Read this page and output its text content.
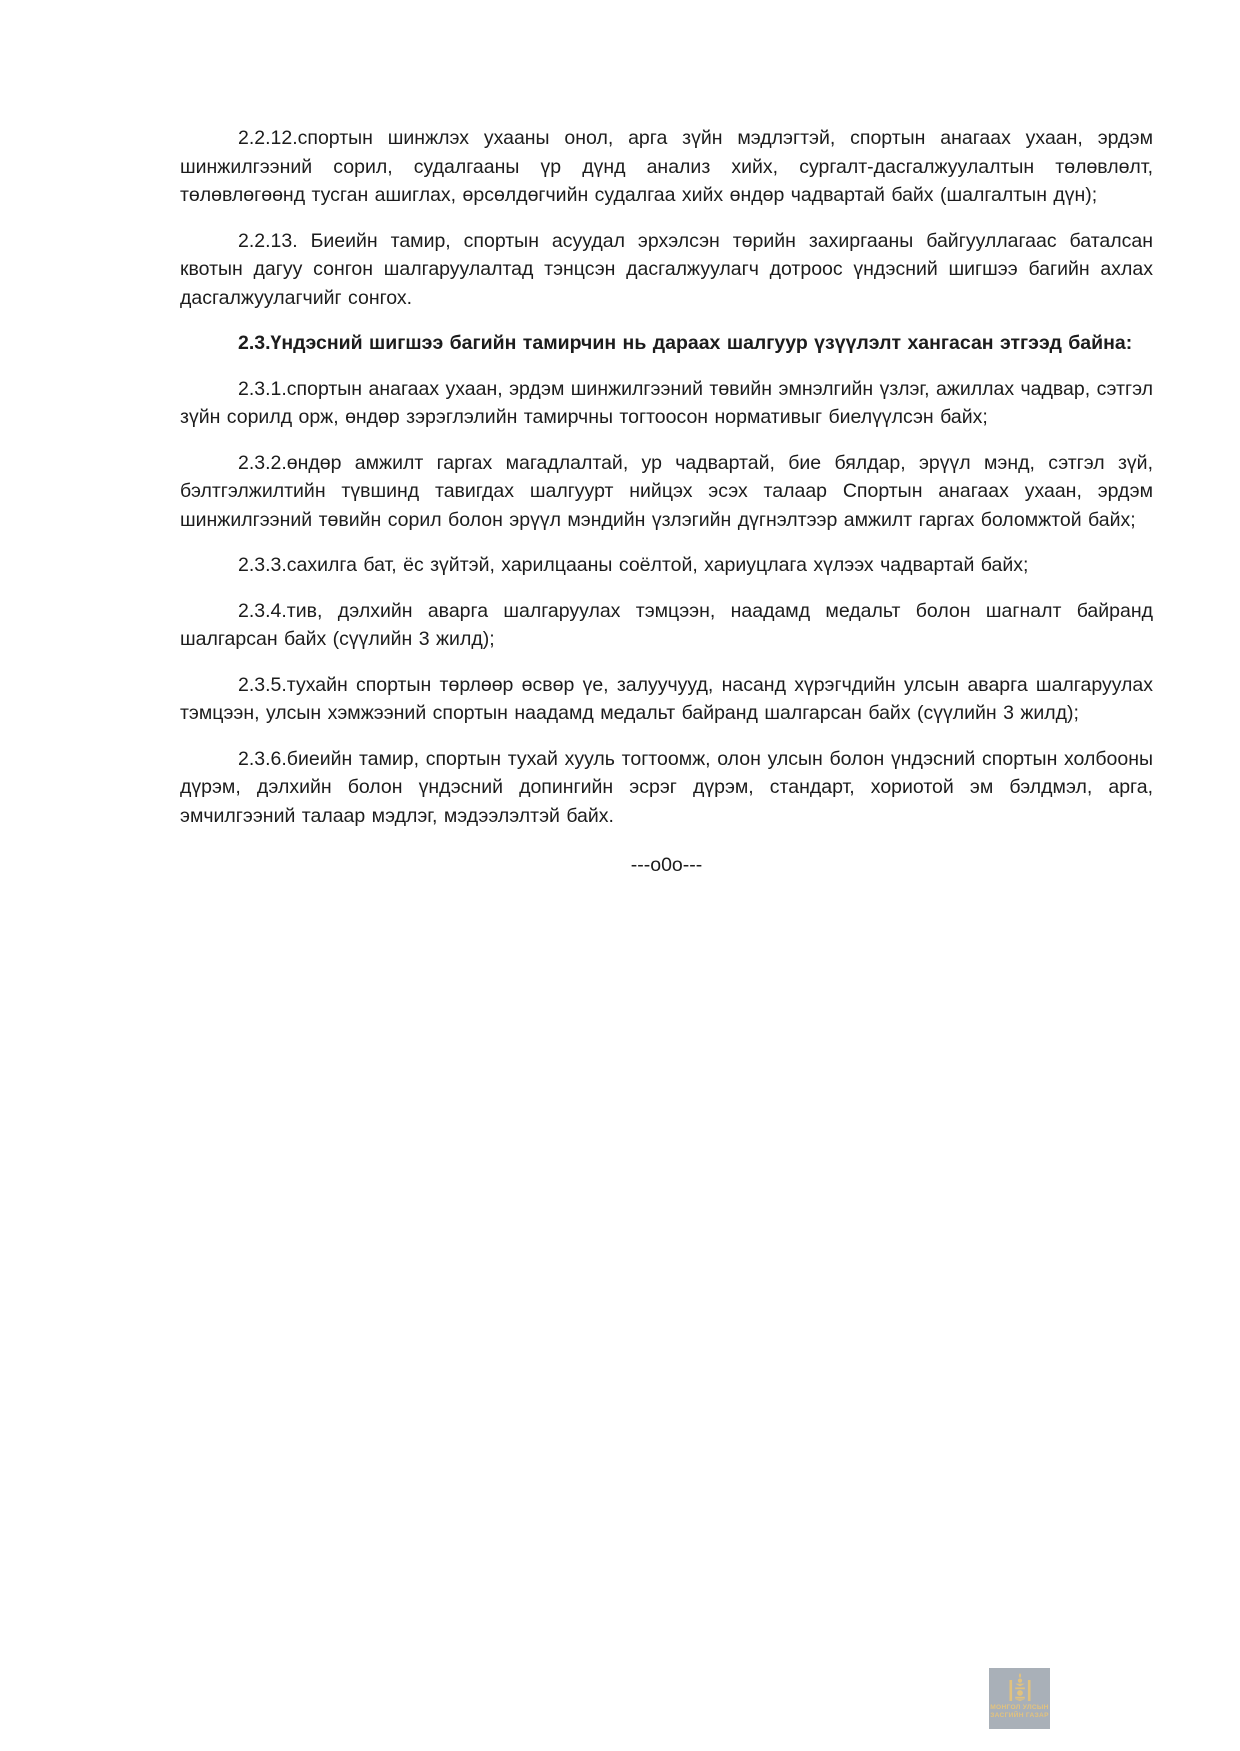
2.2.12.спортын шинжлэх ухааны онол, арга зүйн мэдлэгтэй, спортын анагаах ухаан, эрдэм шинжилгээний сорил, судалгааны үр дүнд анализ хийх, сургалт-дасгалжуулалтын төлөвлөлт, төлөвлөгөөнд тусган ашиглах, өрсөлдөгчийн судалгаа хийх өндөр чадвартай байх (шалгалтын дүн);

2.2.13. Биеийн тамир, спортын асуудал эрхэлсэн төрийн захиргааны байгууллагаас баталсан квотын дагуу сонгон шалгаруулалтад тэнцсэн дасгалжуулагч дотроос үндэсний шигшээ багийн ахлах дасгалжуулагчийг сонгох.

2.3.Үндэсний шигшээ багийн тамирчин нь дараах шалгуур үзүүлэлт хангасан этгээд байна:

2.3.1.спортын анагаах ухаан, эрдэм шинжилгээний төвийн эмнэлгийн үзлэг, ажиллах чадвар, сэтгэл зүйн сорилд орж, өндөр зэрэглэлийн тамирчны тогтоосон нормативыг биелүүлсэн байх;

2.3.2.өндөр амжилт гаргах магадлалтай, ур чадвартай, бие бялдар, эрүүл мэнд, сэтгэл зүй, бэлтгэлжилтийн түвшинд тавигдах шалгуурт нийцэх эсэх талаар Спортын анагаах ухаан, эрдэм шинжилгээний төвийн сорил болон эрүүл мэндийн үзлэгийн дүгнэлтээр амжилт гаргах боломжтой байх;

2.3.3.сахилга бат, ёс зүйтэй, харилцааны соёлтой, хариуцлага хүлээх чадвартай байх;

2.3.4.тив, дэлхийн аварга шалгаруулах тэмцээн, наадамд медальт болон шагналт байранд шалгарсан байх (сүүлийн 3 жилд);

2.3.5.тухайн спортын төрлөөр өсвөр үе, залуучууд, насанд хүрэгчдийн улсын аварга шалгаруулах тэмцээн, улсын хэмжээний спортын наадамд медальт байранд шалгарсан байх (сүүлийн 3 жилд);

2.3.6.биеийн тамир, спортын тухай хууль тогтоомж, олон улсын болон үндэсний спортын холбооны дүрэм, дэлхийн болон үндэсний допингийн эсрэг дүрэм, стандарт, хориотой эм бэлдмэл, арга, эмчилгээний талаар мэдлэг, мэдээлэлтэй байх.

---о0о---

МОНГОЛ УЛСЫН
ЗАСГИЙН ГАЗАР
